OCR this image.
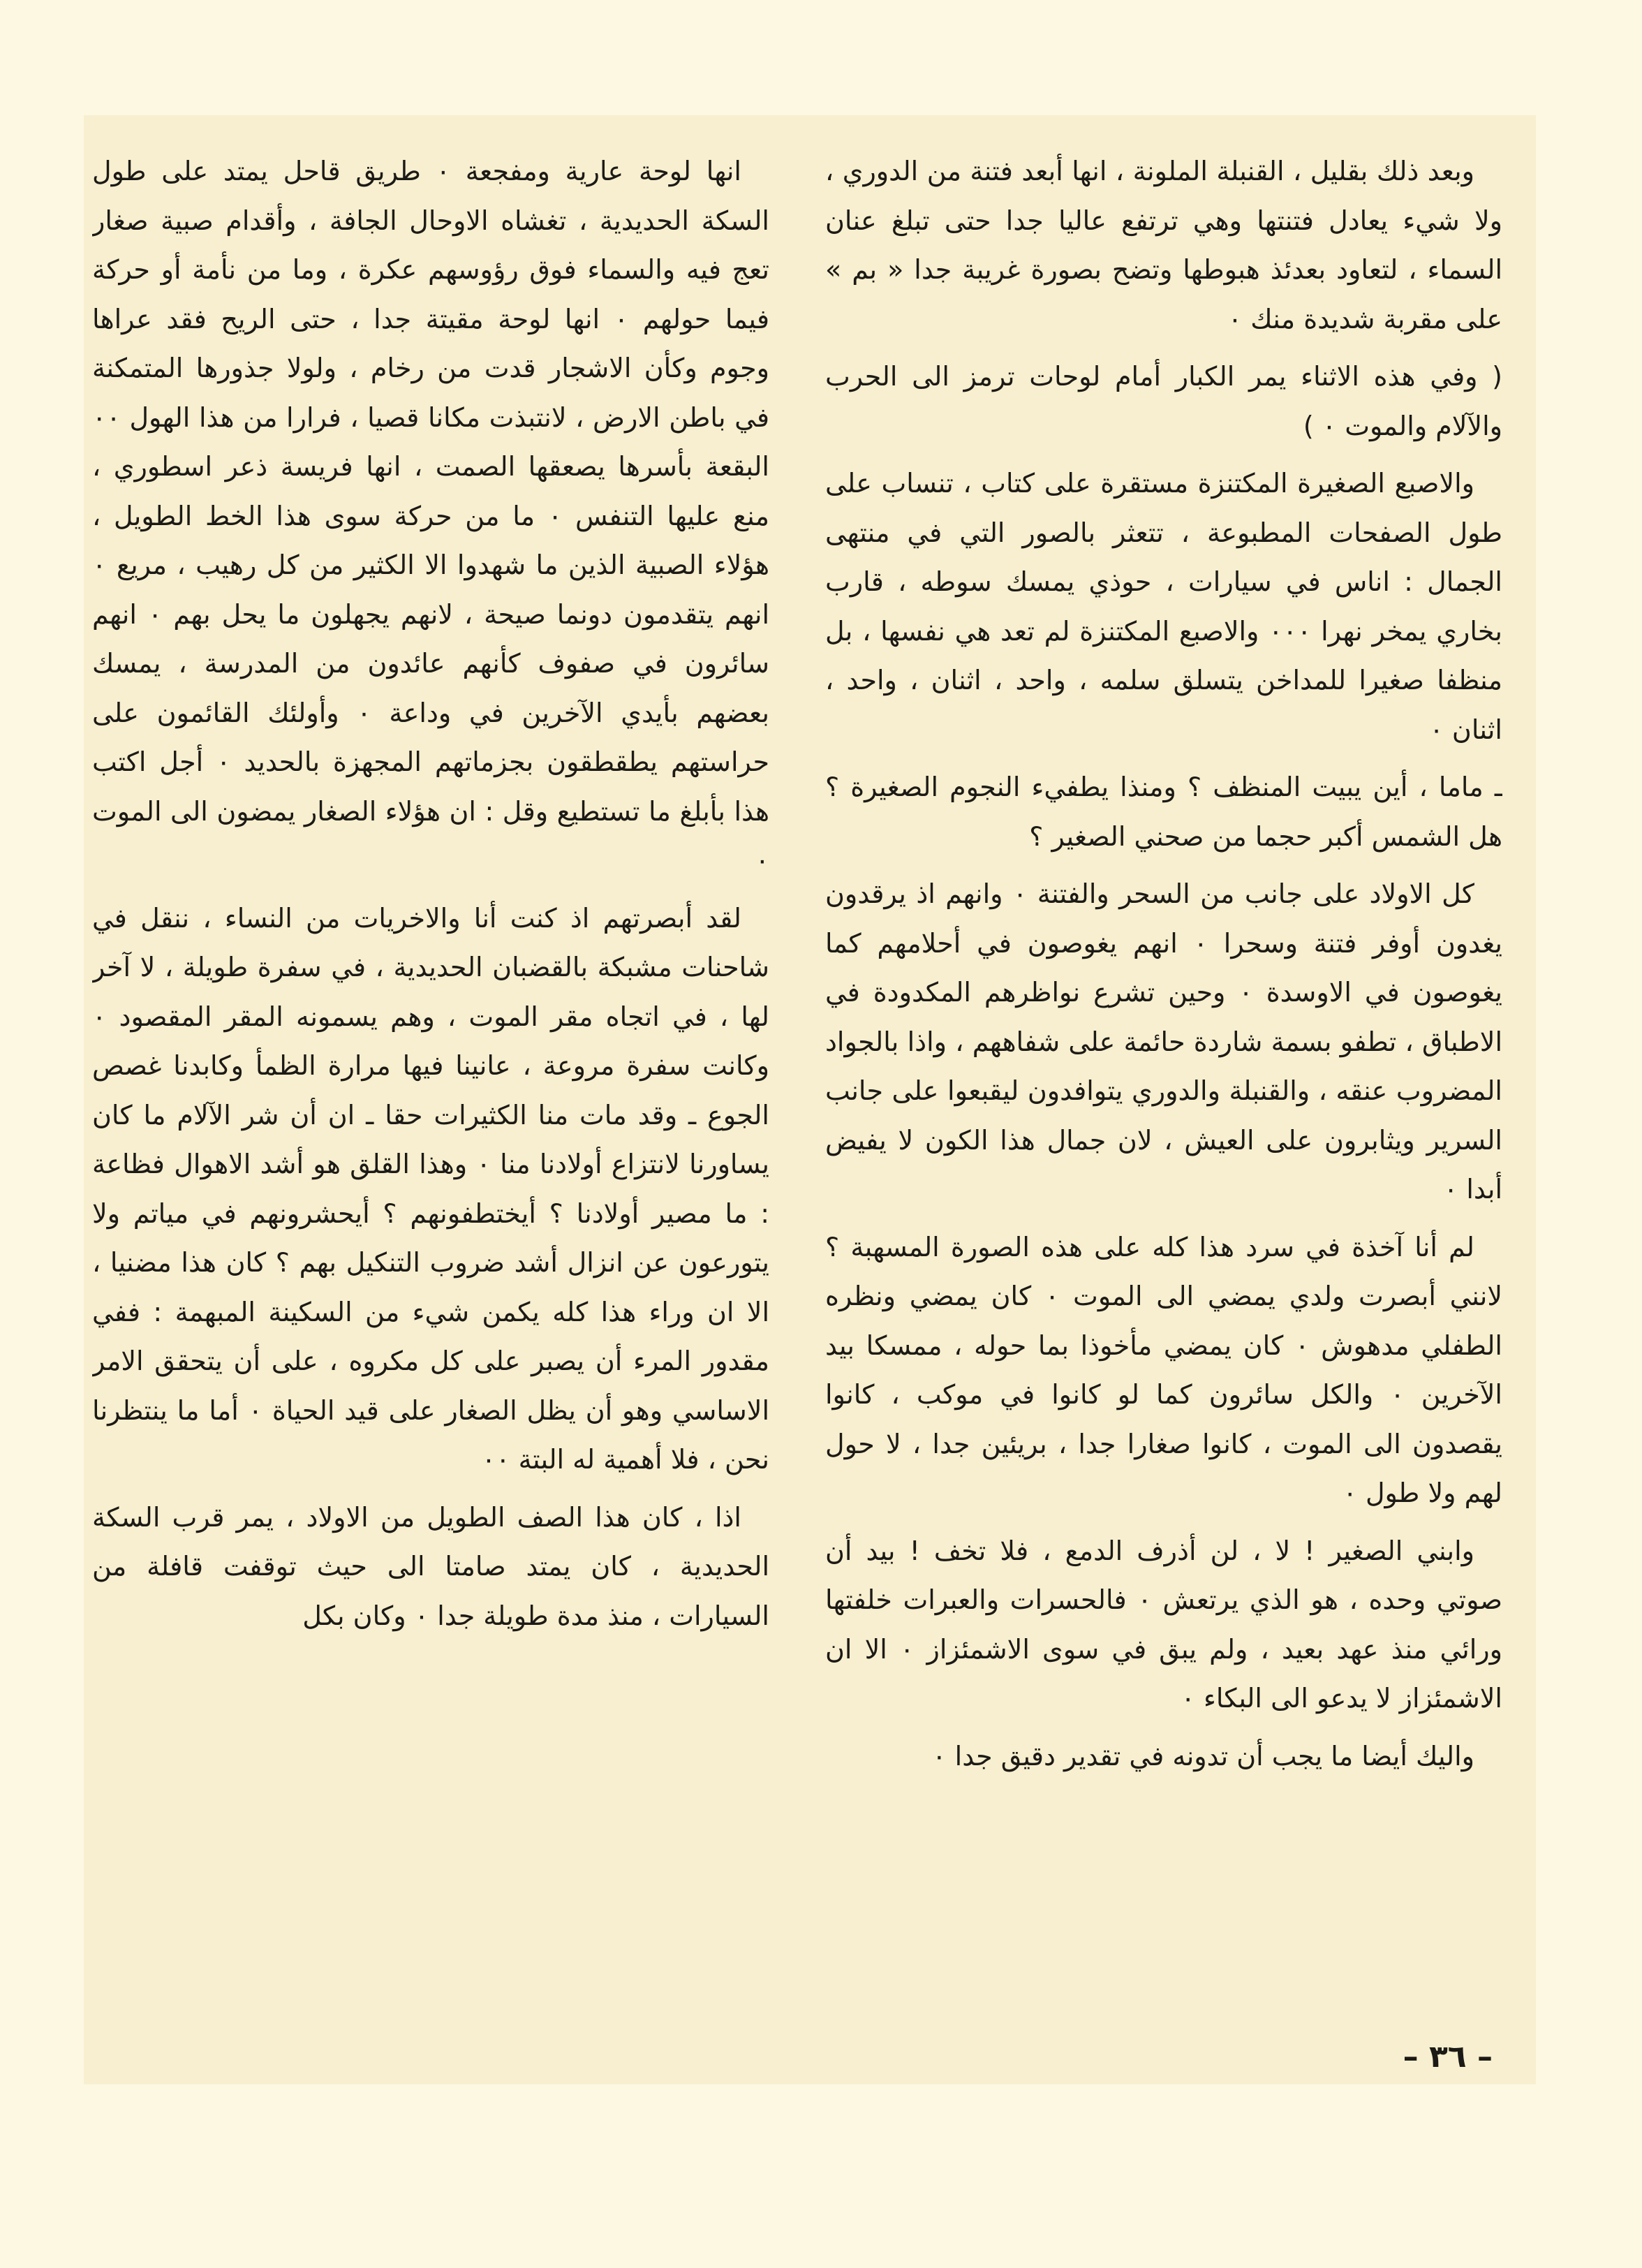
وبعد ذلك بقليل ، القنبلة الملونة ، انها أبعد فتنة من الدوري ، ولا شيء يعادل فتنتها وهي ترتفع عاليا جدا حتى تبلغ عنان السماء ، لتعاود بعدئذ هبوطها وتضح بصورة غريبة جدا « بم » على مقربة شديدة منك ٠

( وفي هذه الاثناء يمر الكبار أمام لوحات ترمز الى الحرب والآلام والموت ٠ )

والاصبع الصغيرة المكتنزة مستقرة على كتاب ، تنساب على طول الصفحات المطبوعة ، تتعثر بالصور التي في منتهى الجمال : اناس في سيارات ، حوذي يمسك سوطه ، قارب بخاري يمخر نهرا ٠٠٠ والاصبع المكتنزة لم تعد هي نفسها ، بل منظفا صغيرا للمداخن يتسلق سلمه ، واحد ، اثنان ، واحد ، اثنان ٠

ـ ماما ، أين يبيت المنظف ؟ ومنذا يطفيء النجوم الصغيرة ؟ هل الشمس أكبر حجما من صحني الصغير ؟

كل الاولاد على جانب من السحر والفتنة ٠ وانهم اذ يرقدون يغدون أوفر فتنة وسحرا ٠ انهم يغوصون في أحلامهم كما يغوصون في الاوسدة ٠ وحين تشرع نواظرهم المكدودة في الاطباق ، تطفو بسمة شاردة حائمة على شفاههم ، واذا بالجواد المضروب عنقه ، والقنبلة والدوري يتوافدون ليقبعوا على جانب السرير ويثابرون على العيش ، لان جمال هذا الكون لا يفيض أبدا ٠

لم أنا آخذة في سرد هذا كله على هذه الصورة المسهبة ؟ لانني أبصرت ولدي يمضي الى الموت ٠ كان يمضي ونظره الطفلي مدهوش ٠ كان يمضي مأخوذا بما حوله ، ممسكا بيد الآخرين ٠ والكل سائرون كما لو كانوا في موكب ، كانوا يقصدون الى الموت ، كانوا صغارا جدا ، بريئين جدا ، لا حول لهم ولا طول ٠

وابني الصغير ! لا ، لن أذرف الدمع ، فلا تخف ! بيد أن صوتي وحده ، هو الذي يرتعش ٠ فالحسرات والعبرات خلفتها ورائي منذ عهد بعيد ، ولم يبق في سوى الاشمئزاز ٠ الا ان الاشمئزاز لا يدعو الى البكاء ٠

واليك أيضا ما يجب أن تدونه في تقدير دقيق جدا ٠

انها لوحة عارية ومفجعة ٠ طريق قاحل يمتد على طول السكة الحديدية ، تغشاه الاوحال الجافة ، وأقدام صبية صغار تعج فيه والسماء فوق رؤوسهم عكرة ، وما من نأمة أو حركة فيما حولهم ٠ انها لوحة مقيتة جدا ، حتى الريح فقد عراها وجوم وكأن الاشجار قدت من رخام ، ولولا جذورها المتمكنة في باطن الارض ، لانتبذت مكانا قصيا ، فرارا من هذا الهول ٠٠ البقعة بأسرها يصعقها الصمت ، انها فريسة ذعر اسطوري ، منع عليها التنفس ٠ ما من حركة سوى هذا الخط الطويل ، هؤلاء الصبية الذين ما شهدوا الا الكثير من كل رهيب ، مريع ٠ انهم يتقدمون دونما صيحة ، لانهم يجهلون ما يحل بهم ٠ انهم سائرون في صفوف كأنهم عائدون من المدرسة ، يمسك بعضهم بأيدي الآخرين في وداعة ٠ وأولئك القائمون على حراستهم يطقطقون بجزماتهم المجهزة بالحديد ٠ أجل اكتب هذا بأبلغ ما تستطيع وقل : ان هؤلاء الصغار يمضون الى الموت ٠

لقد أبصرتهم اذ كنت أنا والاخريات من النساء ، ننقل في شاحنات مشبكة بالقضبان الحديدية ، في سفرة طويلة ، لا آخر لها ، في اتجاه مقر الموت ، وهم يسمونه المقر المقصود ٠ وكانت سفرة مروعة ، عانينا فيها مرارة الظمأ وكابدنا غصص الجوع ـ وقد مات منا الكثيرات حقا ـ ان أن شر الآلام ما كان يساورنا لانتزاع أولادنا منا ٠ وهذا القلق هو أشد الاهوال فظاعة : ما مصير أولادنا ؟ أيختطفونهم ؟ أيحشرونهم في مياتم ولا يتورعون عن انزال أشد ضروب التنكيل بهم ؟ كان هذا مضنيا ، الا ان وراء هذا كله يكمن شيء من السكينة المبهمة : ففي مقدور المرء أن يصبر على كل مكروه ، على أن يتحقق الامر الاساسي وهو أن يظل الصغار على قيد الحياة ٠ أما ما ينتظرنا نحن ، فلا أهمية له البتة ٠٠

اذا ، كان هذا الصف الطويل من الاولاد ، يمر قرب السكة الحديدية ، كان يمتد صامتا الى حيث توقفت قافلة من السيارات ، منذ مدة طويلة جدا ٠ وكان بكل

– ٣٦ –
